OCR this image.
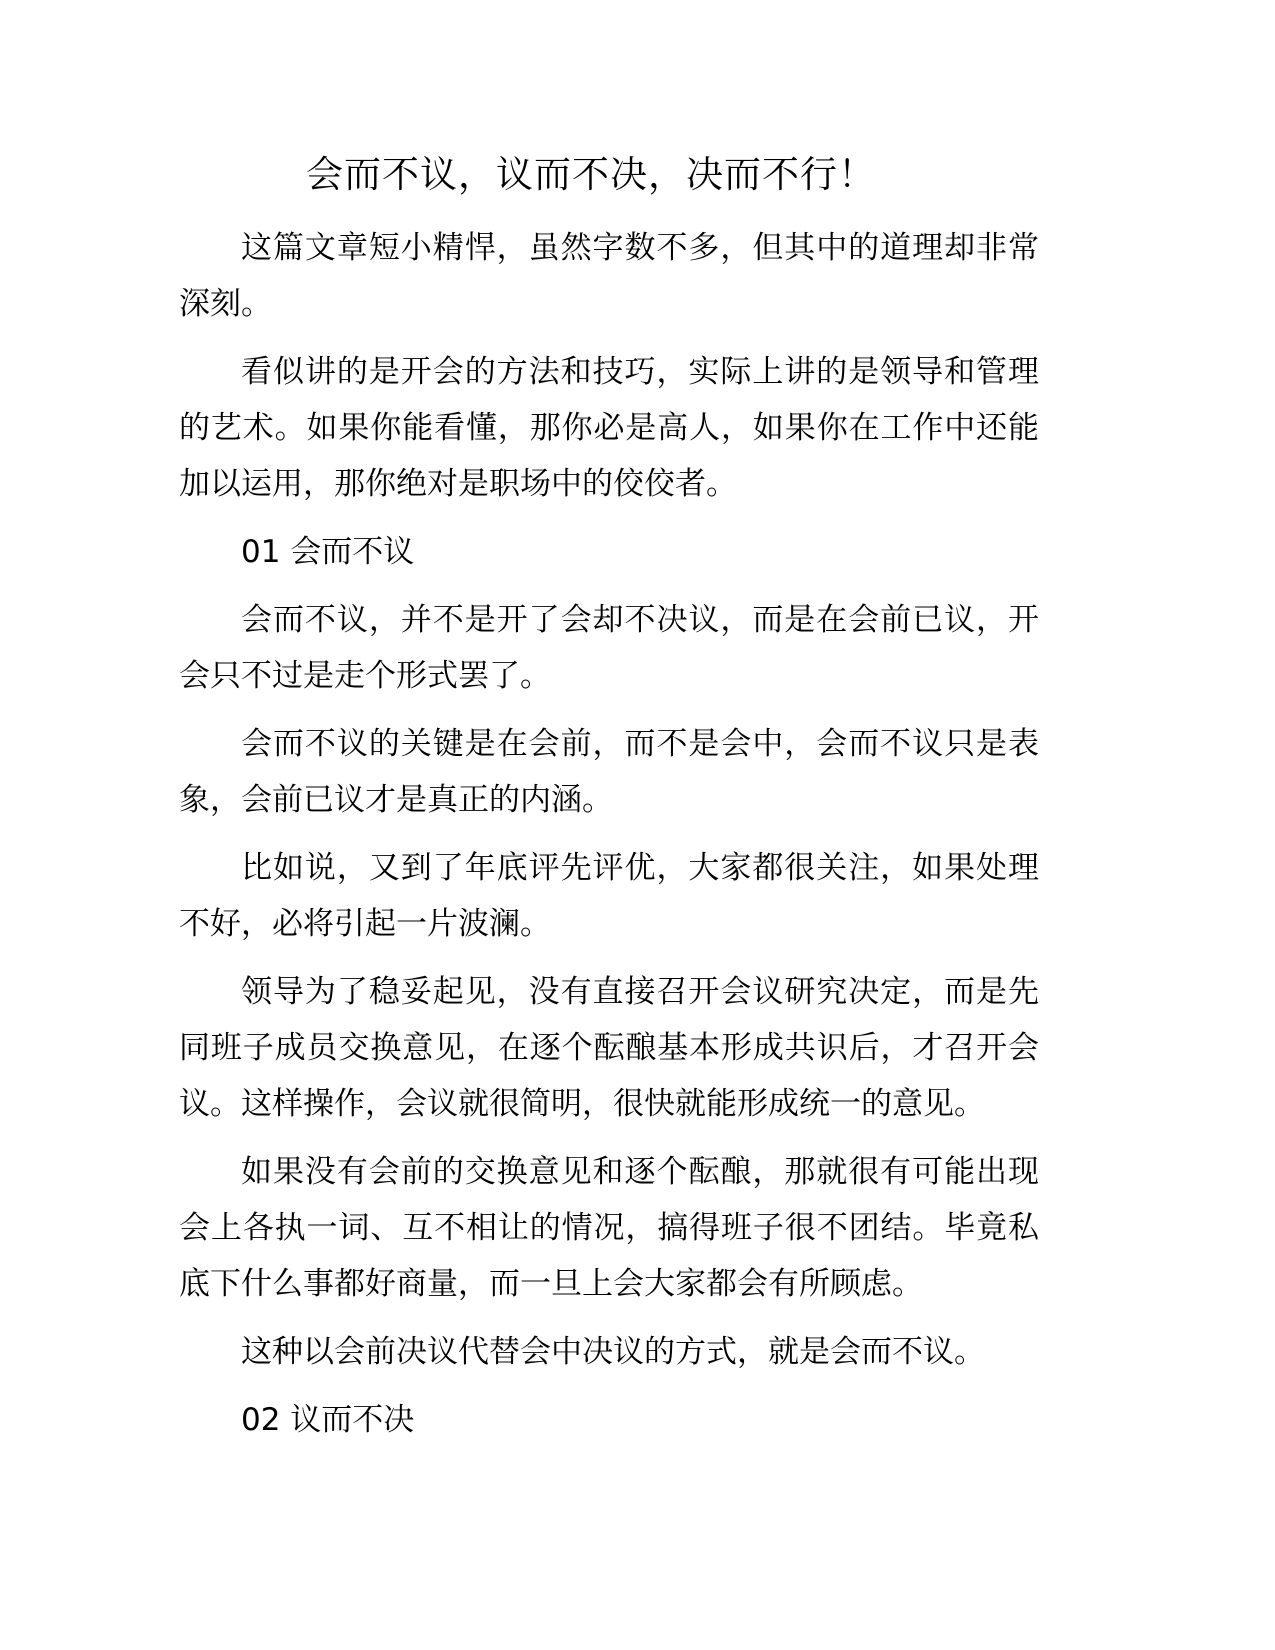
会而不议，议而不决，决而不行！

这篇文章短小精悍，虽然字数不多，但其中的道理却非常深刻。

看似讲的是开会的方法和技巧，实际上讲的是领导和管理的艺术。如果你能看懂，那你必是高人，如果你在工作中还能加以运用，那你绝对是职场中的佼佼者。

01 会而不议

会而不议，并不是开了会却不决议，而是在会前已议，开会只不过是走个形式罢了。

会而不议的关键是在会前，而不是会中，会而不议只是表象，会前已议才是真正的内涵。

比如说，又到了年底评先评优，大家都很关注，如果处理不好，必将引起一片波澜。

领导为了稳妥起见，没有直接召开会议研究决定，而是先同班子成员交换意见，在逐个酝酿基本形成共识后，才召开会议。这样操作，会议就很简明，很快就能形成统一的意见。

如果没有会前的交换意见和逐个酝酿，那就很有可能出现会上各执一词、互不相让的情况，搞得班子很不团结。毕竟私底下什么事都好商量，而一旦上会大家都会有所顾虑。

这种以会前决议代替会中决议的方式，就是会而不议。

02 议而不决
